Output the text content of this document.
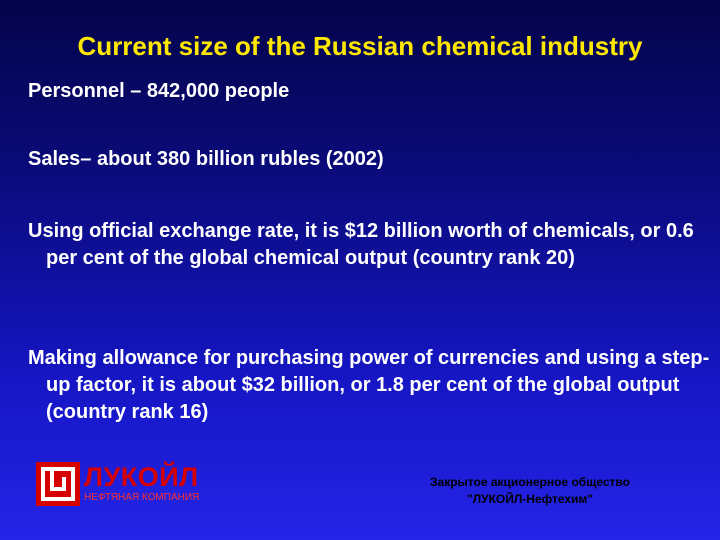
Current size of the Russian chemical industry
Personnel – 842,000 people
Sales– about 380 billion rubles (2002)
Using official exchange rate, it is $12 billion worth of chemicals, or 0.6 per cent of the global chemical output (country rank 20)
Making allowance for purchasing power of currencies and using a step-up factor, it is about $32 billion, or 1.8 per cent of the global output (country rank 16)
ЛУКОЙЛ
НЕФТЯНАЯ КОМПАНИЯ
Закрытое акционерное общество
"ЛУКОЙЛ-Нефтехим"
